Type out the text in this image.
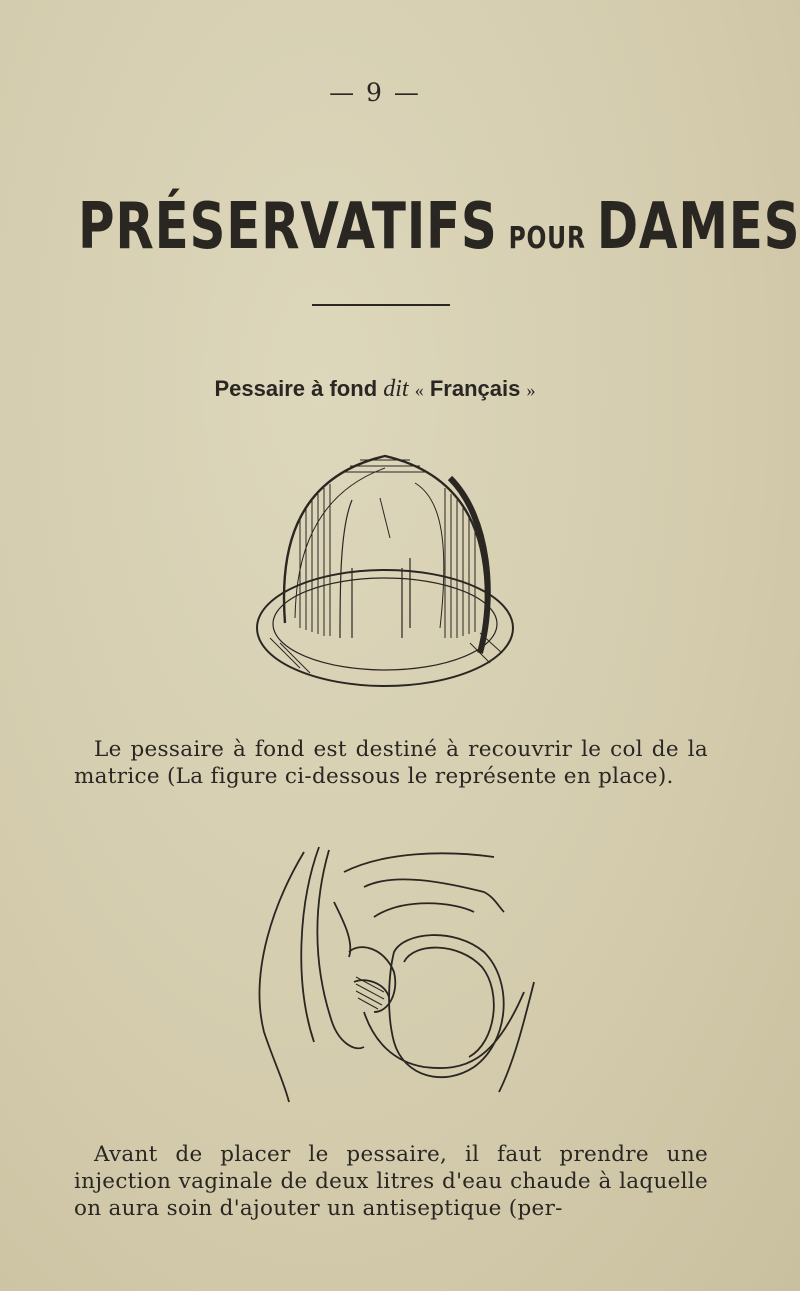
— 9 —
PRÉSERVATIFS POUR DAMES
Pessaire à fond dit « Français »

Le pessaire à fond est destiné à recouvrir le col de la matrice (La figure ci-dessous le représente en place).

Avant de placer le pessaire, il faut prendre une injection vaginale de deux litres d'eau chaude à laquelle on aura soin d'ajouter un antiseptique (per-
